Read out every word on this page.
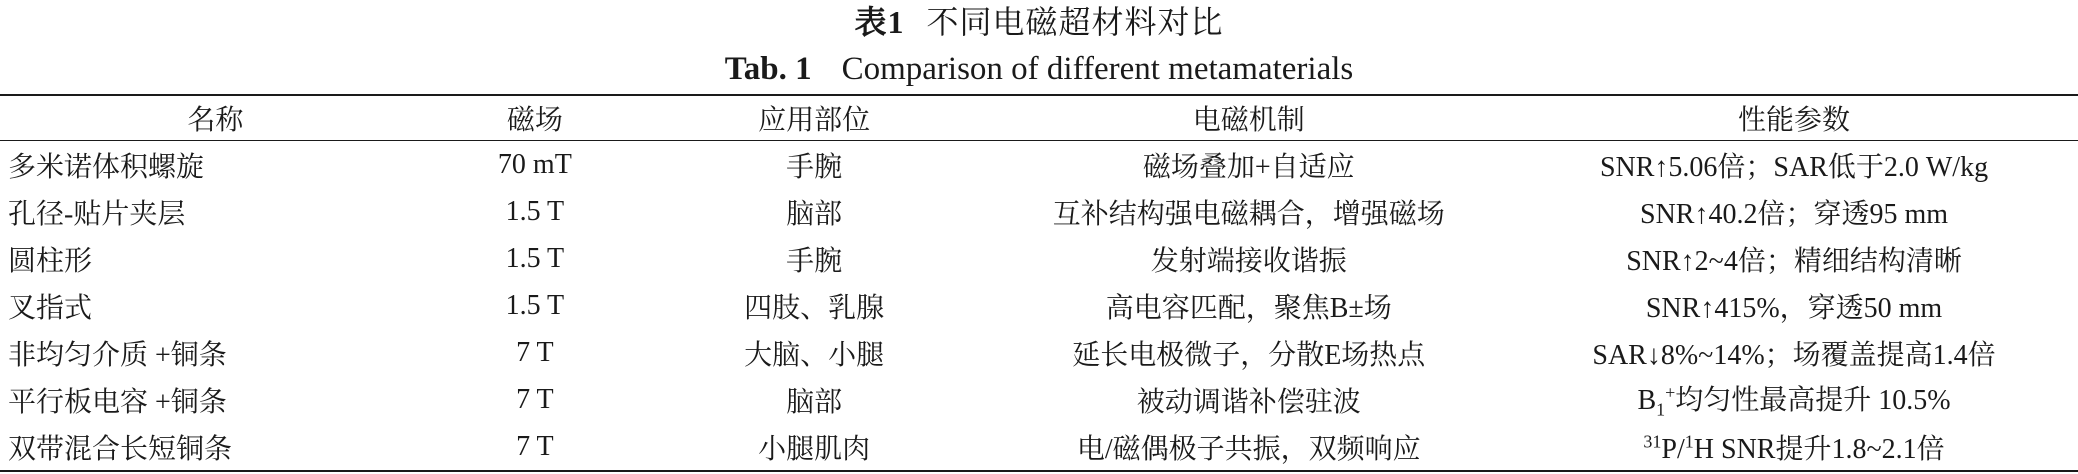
表1 不同电磁超材料对比
Tab. 1 Comparison of different metamaterials
名称	磁场	应用部位	电磁机制	性能参数
多米诺体积螺旋	70 mT	手腕	磁场叠加+自适应	SNR↑5.06倍；SAR低于2.0 W/kg
孔径-贴片夹层	1.5 T	脑部	互补结构强电磁耦合，增强磁场	SNR↑40.2倍；穿透95 mm
圆柱形	1.5 T	手腕	发射端接收谐振	SNR↑2~4倍；精细结构清晰
叉指式	1.5 T	四肢、乳腺	高电容匹配，聚焦B±场	SNR↑415%，穿透50 mm
非均匀介质 +铜条	7 T	大脑、小腿	延长电极微子，分散E场热点	SAR↓8%~14%；场覆盖提高1.4倍
平行板电容 +铜条	7 T	脑部	被动调谐补偿驻波	$B_1^+$均匀性最高提升 10.5%
双带混合长短铜条	7 T	小腿肌肉	电/磁偶极子共振，双频响应	$^{31}$P/$^1$H SNR提升1.8~2.1倍
